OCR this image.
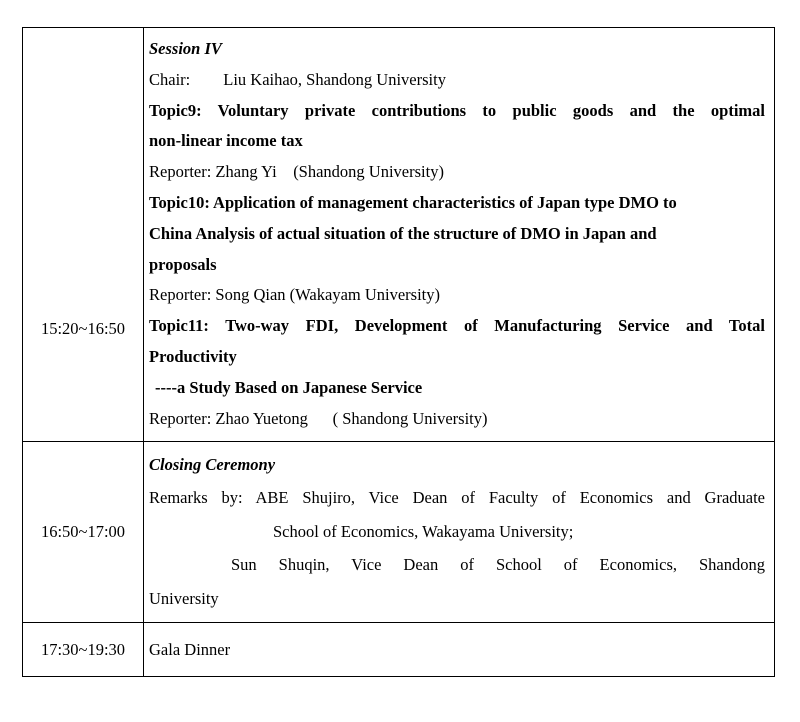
15:20~16:50
Session IV
Chair:        Liu Kaihao, Shandong University
Topic9: Voluntary private contributions to public goods and the optimal
non-linear income tax
Reporter: Zhang Yi    (Shandong University)
Topic10: Application of management characteristics of Japan type DMO to
China Analysis of actual situation of the structure of DMO in Japan and
proposals
Reporter: Song Qian (Wakayam University)
Topic11: Two-way FDI, Development of Manufacturing Service and Total
Productivity
----a Study Based on Japanese Service
Reporter: Zhao Yuetong      ( Shandong University)
16:50~17:00
Closing Ceremony
Remarks by: ABE Shujiro, Vice Dean of Faculty of Economics and Graduate
School of Economics, Wakayama University;
Sun Shuqin, Vice Dean of School of Economics, Shandong
University
17:30~19:30	Gala Dinner
